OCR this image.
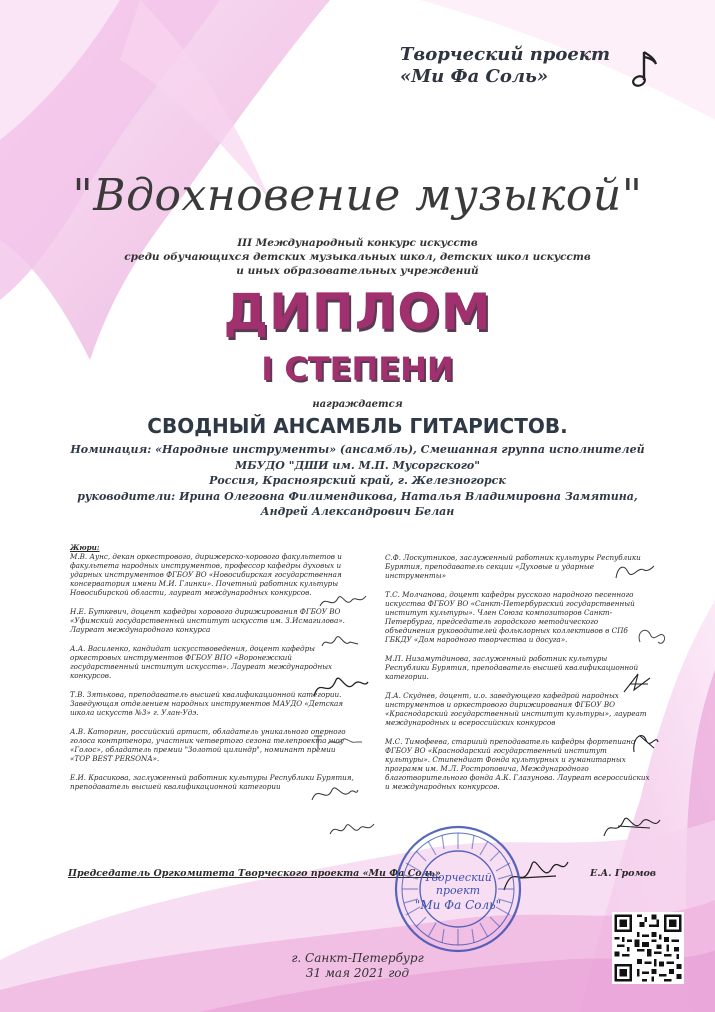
Творческий проект
«Ми Фа Соль»
"Вдохновение музыкой"
III Международный конкурс искусств
среди обучающихся детских музыкальных школ, детских школ искусств
и иных образовательных учреждений
ДИПЛОМ
I СТЕПЕНИ
награждается
СВОДНЫЙ АНСАМБЛЬ ГИТАРИСТОВ.
Номинация: «Народные инструменты» (ансамбль), Смешанная группа исполнителей
МБУДО "ДШИ им. М.П. Мусоргского"
Россия, Красноярский край, г. Железногорск
руководители: Ирина Олеговна Филимендикова, Наталья Владимировна Замятина,
Андрей Александрович Белан
Жюри:
М.В. Аунс, декан оркестрового, дирижерско-хорового факультетов и факультета народных инструментов, профессор кафедры духовых и ударных инструментов ФГБОУ ВО «Новосибирская государственная консерватория имени М.И. Глинки». Почетный работник культуры Новосибирской области, лауреат международных конкурсов.
Н.Е. Буткевич, доцент кафедры хорового дирижирования ФГБОУ ВО «Уфимский государственный институт искусств им. З.Исмагилова». Лауреат международного конкурса
А.А. Василенко, кандидат искусствоведения, доцент кафедры оркестровых инструментов ФГБОУ ВПО «Воронежский государственный институт искусств». Лауреат международных конкурсов.
Т.В. Зятькова, преподаватель высшей квалификационной категории. Заведующая отделением народных инструментов МАУДО «Детская школа искусств №3» г. Улан-Удэ.
А.В. Каторгин, российский артист, обладатель уникального оперного голоса контртенора, участник четвертого сезона телепроекта шоу «Голос», обладатель премии "Золотой цилиндр", номинант премии «TOP BEST PERSONA».
Е.И. Красикова, заслуженный работник культуры Республики Бурятия, преподаватель высшей квалификационной категории
С.Ф. Лоскутников, заслуженный работник культуры Республики Бурятия, преподаватель секции «Духовые и ударные инструменты»
Т.С. Молчанова, доцент кафедры русского народного песенного искусства ФГБОУ ВО «Санкт-Петербургский государственный институт культуры». Член Союза композиторов Санкт-Петербурга, председатель городского методического объединения руководителей фольклорных коллективов в СПб ГБКДУ «Дом народного творчества и досуга».
М.П. Низамутдинова, заслуженный работник культуры Республики Бурятия, преподаватель высшей квалификационной категории.
Д.А. Скуднев, доцент, и.о. заведующего кафедрой народных инструментов и оркестрового дирижирования ФГБОУ ВО «Краснодарский государственный институт культуры», лауреат международных и всероссийских конкурсов
М.С. Тимофеева, старший преподаватель кафедры фортепиано ФГБОУ ВО «Краснодарский государственный институт культуры». Стипендиат Фонда культурных и гуманитарных программ им. М.Л. Ростроповича, Международного благотворительного фонда А.К. Глазунова. Лауреат всероссийских и международных конкурсов.
Председатель Оргкомитета Творческого проекта «Ми Фа Соль»	Е.А. Громов
Творческий
проект
"Ми Фа Соль"
г. Санкт-Петербург
31 мая 2021 год
